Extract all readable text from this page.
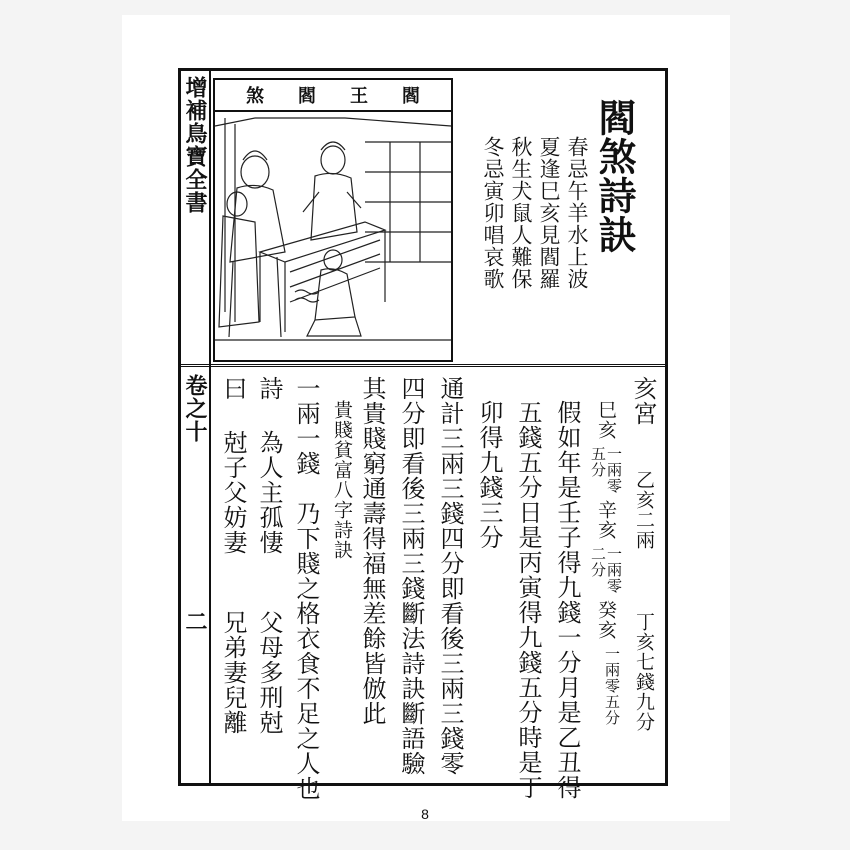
增補鳥寶全書
卷之十
二
煞 閻 王 閻
閻煞詩訣
春忌午羊水上波
夏逢巳亥見閻羅
秋生犬鼠人難保
冬忌寅卯唱哀歌
亥宮
乙亥二兩
丁亥七錢九分
巳亥
一兩零
五分
辛亥
一兩零
二分
癸亥
一兩零五分
假如年是壬子得九錢一分月是乙丑得
五錢五分日是丙寅得九錢五分時是丁
卯得九錢三分
通計三兩三錢四分即看後三兩三錢零
四分即看後三兩三錢斷法詩訣斷語驗
其貴賤窮通壽得福無差餘皆倣此
貴賤貧富八字詩訣
一兩一錢　乃下賤之格衣食不足之人也
詩
為人主孤悽
父母多刑尅
曰
尅子父妨妻
兄弟妻兒離
8
